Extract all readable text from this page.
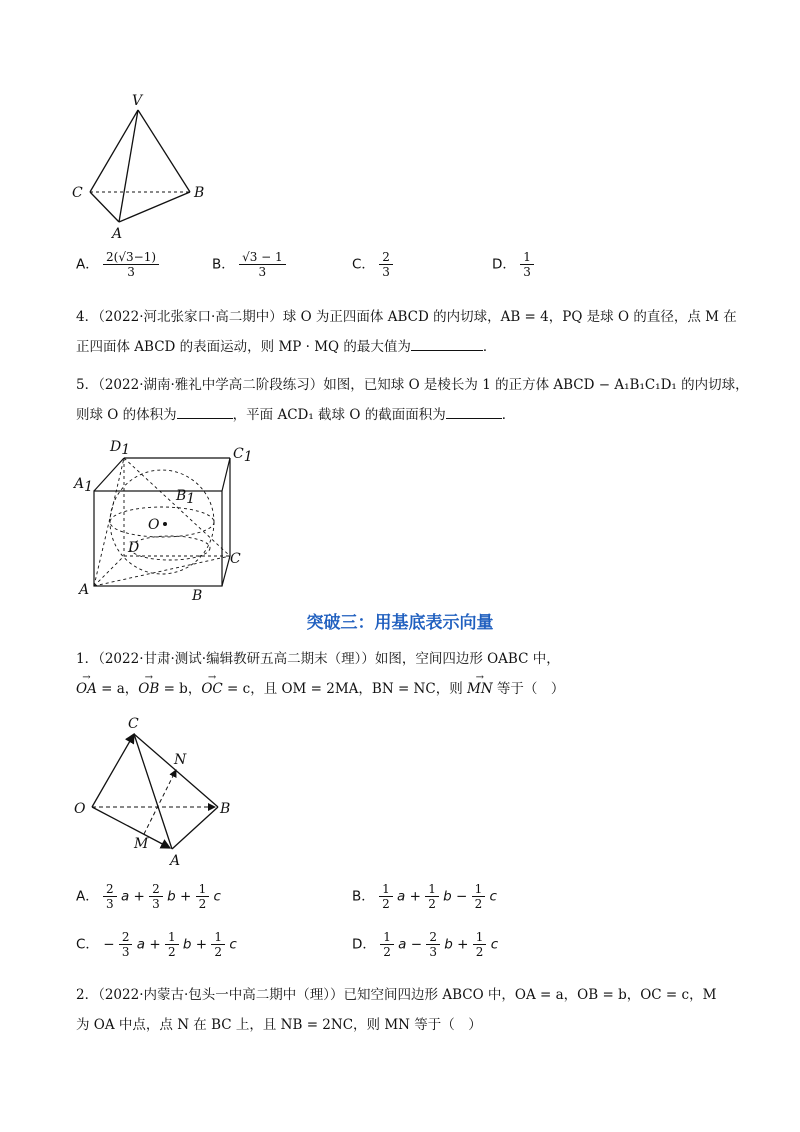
V
C	B
A
A． $\frac{2(√3-1)}{3}$	B． $\frac{√3 - 1}{3}$	C． $\frac{2}{3}$	D． $\frac{1}{3}$
4．（2022·河北张家口·高二期中）球 O 为正四面体 ABCD 的内切球，AB = 4，PQ 是球 O 的直径，点 M 在
正四面体 ABCD 的表面运动，则 MP · MQ 的最大值为	．
5．（2022·湖南·雅礼中学高二阶段练习）如图，已知球 O 是棱长为 1 的正方体 ABCD − A₁B₁C₁D₁ 的内切球，
则球 O 的体积为	，平面 ACD₁ 截球 O 的截面面积为	．
D1	C1
A1
B1
O
D
C
A	B
突破三：用基底表示向量
1．（2022·甘肃·测试·编辑教研五高二期末（理））如图，空间四边形 OABC 中，
→ OA = a，→ OB = b，→ OC = c，且 OM = 2MA，BN = NC，则 → MN 等于（　）
C
N
O	B
M
A
A． $\frac{2}{3}$ $a + \frac{2}{3}$ $b + \frac{1}{2}$ c	B． $\frac{1}{2}$ $a + \frac{1}{2}$ $b - \frac{1}{2}$ c
C． − $\frac{2}{3}$ $a + \frac{1}{2}$ $b + \frac{1}{2}$ c	D． $\frac{1}{2}$ $a - \frac{2}{3}$ $b + \frac{1}{2}$ c
2．（2022·内蒙古·包头一中高二期中（理））已知空间四边形 ABCO 中，OA = a，OB = b，OC = c，M
为 OA 中点，点 N 在 BC 上，且 NB = 2NC，则 MN 等于（　）
